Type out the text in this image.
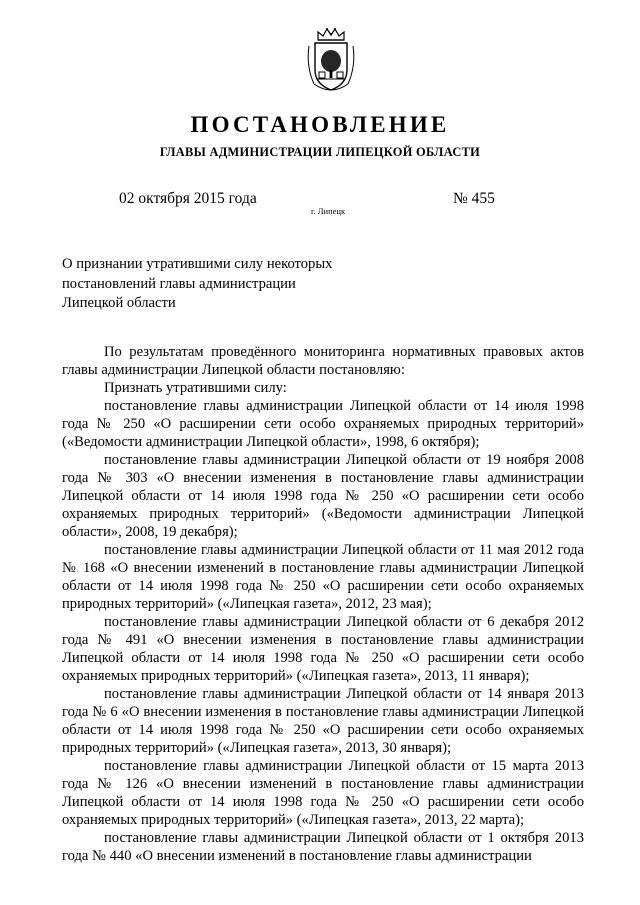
ПОСТАНОВЛЕНИЕ
ГЛАВЫ АДМИНИСТРАЦИИ ЛИПЕЦКОЙ ОБЛАСТИ
02 октября 2015 года
г. Липецк
№ 455
О признании утратившими силу некоторых
постановлений главы администрации
Липецкой области

По результатам проведённого мониторинга нормативных правовых актов главы администрации Липецкой области постановляю:

Признать утратившими силу:

постановление главы администрации Липецкой области от 14 июля 1998 года № 250 «О расширении сети особо охраняемых природных территорий» («Ведомости администрации Липецкой области», 1998, 6 октября);

постановление главы администрации Липецкой области от 19 ноября 2008 года № 303 «О внесении изменения в постановление главы администрации Липецкой области от 14 июля 1998 года № 250 «О расширении сети особо охраняемых природных территорий» («Ведомости администрации Липецкой области», 2008, 19 декабря);

постановление главы администрации Липецкой области от 11 мая 2012 года № 168 «О внесении изменений в постановление главы администрации Липецкой области от 14 июля 1998 года № 250 «О расширении сети особо охраняемых природных территорий» («Липецкая газета», 2012, 23 мая);

постановление главы администрации Липецкой области от 6 декабря 2012 года № 491 «О внесении изменения в постановление главы администрации Липецкой области от 14 июля 1998 года № 250 «О расширении сети особо охраняемых природных территорий» («Липецкая газета», 2013, 11 января);

постановление главы администрации Липецкой области от 14 января 2013 года № 6 «О внесении изменения в постановление главы администрации Липецкой области от 14 июля 1998 года № 250 «О расширении сети особо охраняемых природных территорий» («Липецкая газета», 2013, 30 января);

постановление главы администрации Липецкой области от 15 марта 2013 года № 126 «О внесении изменений в постановление главы администрации Липецкой области от 14 июля 1998 года № 250 «О расширении сети особо охраняемых природных территорий» («Липецкая газета», 2013, 22 марта);

постановление главы администрации Липецкой области от 1 октября 2013 года № 440 «О внесении изменений в постановление главы администрации
